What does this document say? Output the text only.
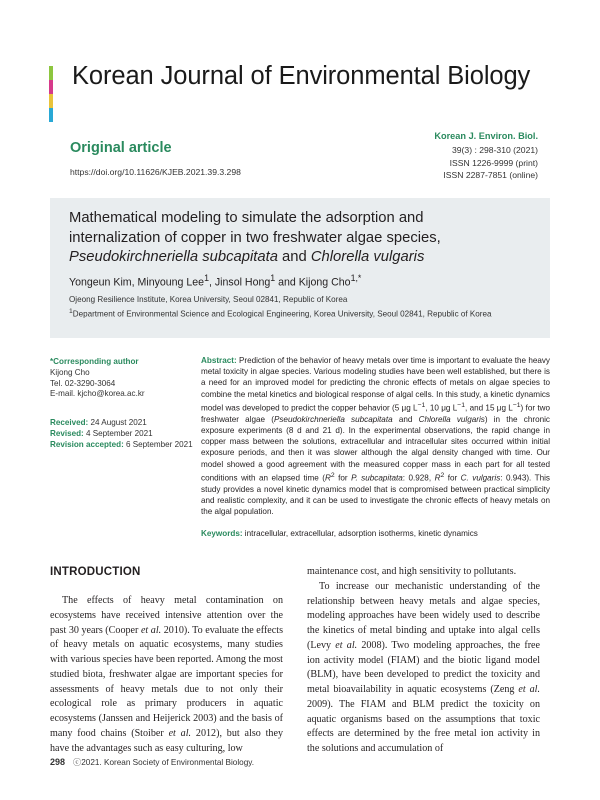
Korean Journal of Environmental Biology
Original article
https://doi.org/10.11626/KJEB.2021.39.3.298
Korean J. Environ. Biol.
39(3) : 298-310 (2021)
ISSN 1226-9999 (print)
ISSN 2287-7851 (online)
Mathematical modeling to simulate the adsorption and
internalization of copper in two freshwater algae species,
Pseudokirchneriella subcapitata and Chlorella vulgaris
Yongeun Kim, Minyoung Lee$^1$, Jinsol Hong$^1$ and Kijong Cho$^{1,*}$
Ojeong Resilience Institute, Korea University, Seoul 02841, Republic of Korea
$^1$Department of Environmental Science and Ecological Engineering, Korea University, Seoul 02841, Republic of Korea
*Corresponding author
Kijong Cho
Tel. 02-3290-3064
E-mail. kjcho@korea.ac.kr
Received: 24 August 2021
Revised: 4 September 2021
Revision accepted: 6 September 2021
Abstract: Prediction of the behavior of heavy metals over time is important to evaluate the heavy metal toxicity in algae species. Various modeling studies have been well established, but there is a need for an improved model for predicting the chronic effects of metals on algae species to combine the metal kinetics and biological response of algal cells. In this study, a kinetic dynamics model was developed to predict the copper behavior (5 μg $L^{-1}$, 10 μg $L^{-1}$, and 15 μg $L^{-1}$) for two freshwater algae (Pseudokirchneriella subcapitata and Chlorella vulgaris) in the chronic exposure experiments (8 d and 21 d). In the experimental observations, the rapid change in copper mass between the solutions, extracellular and intracellular sites occurred within initial exposure periods, and then it was slower although the algal density changed with time. Our model showed a good agreement with the measured copper mass in each part for all tested conditions with an elapsed time ($R^2$ for P. subcapitata: 0.928, $R^2$ for C. vulgaris: 0.943). This study provides a novel kinetic dynamics model that is compromised between practical simplicity and realistic complexity, and it can be used to investigate the chronic effects of heavy metals on the algal population.
Keywords: intracellular, extracellular, adsorption isotherms, kinetic dynamics
INTRODUCTION

The effects of heavy metal contamination on ecosystems have received intensive attention over the past 30 years (Cooper et al. 2010). To evaluate the effects of heavy metals on aquatic ecosystems, many studies with various species have been reported. Among the most studied biota, freshwater algae are important species for assessments of heavy metals due to not only their ecological role as primary producers in aquatic ecosystems (Janssen and Heijerick 2003) and the basis of many food chains (Stoiber et al. 2012), but also they have the advantages such as easy culturing, low

maintenance cost, and high sensitivity to pollutants.

To increase our mechanistic understanding of the relationship between heavy metals and algae species, modeling approaches have been widely used to describe the kinetics of metal binding and uptake into algal cells (Levy et al. 2008). Two modeling approaches, the free ion activity model (FIAM) and the biotic ligand model (BLM), have been developed to predict the toxicity and metal bioavailability in aquatic ecosystems (Zeng et al. 2009). The FIAM and BLM predict the toxicity on aquatic organisms based on the assumptions that toxic effects are determined by the free metal ion activity in the solutions and accumulation of

298 ⓒ2021. Korean Society of Environmental Biology.
